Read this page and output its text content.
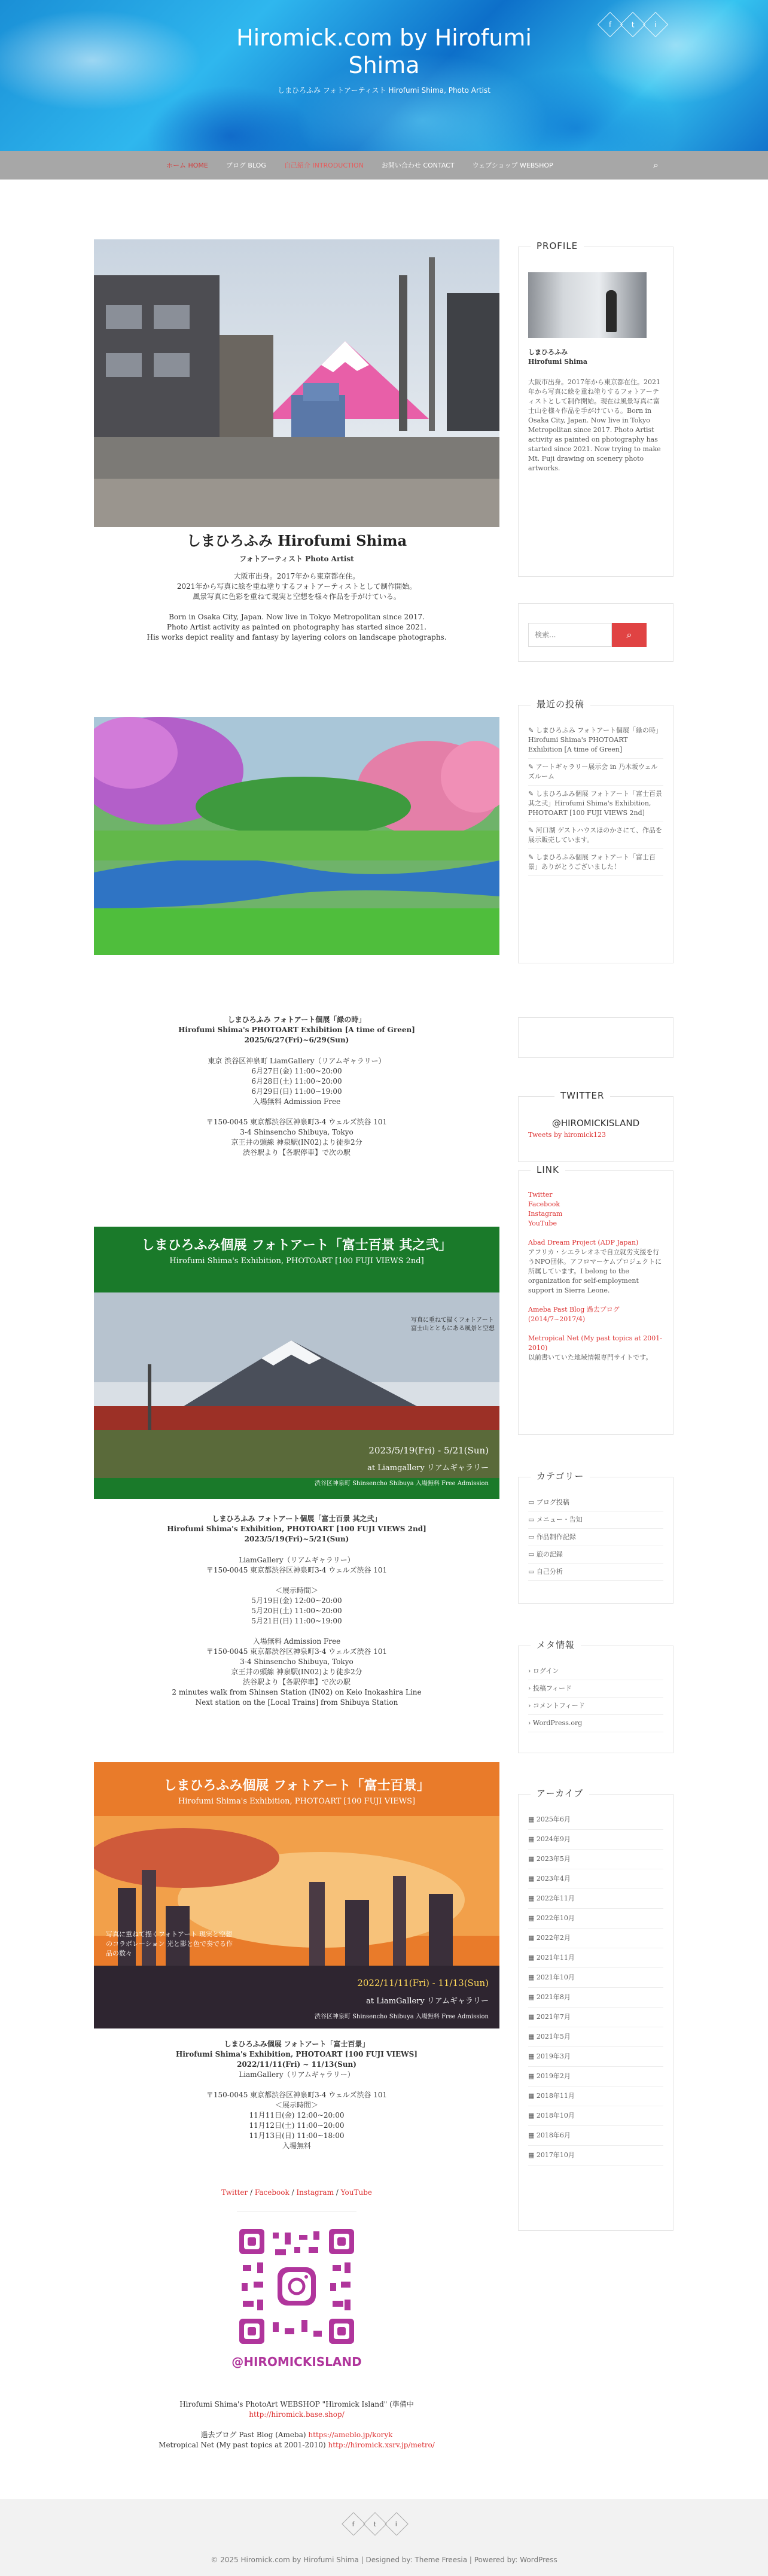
Hiromick.com by Hirofumi Shima
しまひろふみ フォトアーティスト Hirofumi Shima, Photo Artist
f	t	i
ホーム HOME	ブログ BLOG	自己紹介 INTRODUCTION	お問い合わせ CONTACT	ウェブショップ WEBSHOP	⌕
しまひろふみ Hirofumi Shima
フォトアーティスト Photo Artist
大阪市出身。2017年から東京都在住。
2021年から写真に絵を重ね塗りするフォトアーティストとして制作開始。
風景写真に色彩を重ねて現実と空想を様々作品を手がけている。
Born in Osaka City, Japan. Now live in Tokyo Metropolitan since 2017.
Photo Artist activity as painted on photography has started since 2021.
His works depict reality and fantasy by layering colors on landscape photographs.
しまひろふみ フォトアート個展「緑の時」
Hirofumi Shima's PHOTOART Exhibition [A time of Green]
2025/6/27(Fri)~6/29(Sun)
東京 渋谷区神泉町 LiamGallery（リアムギャラリー）
6月27日(金) 11:00~20:00
6月28日(土) 11:00~20:00
6月29日(日) 11:00~19:00
入場無料 Admission Free
〒150-0045 東京都渋谷区神泉町3-4 ウェルズ渋谷 101
3-4 Shinsencho Shibuya, Tokyo
京王井の頭線 神泉駅(IN02)より徒歩2分
渋谷駅より【各駅停車】で次の駅
しまひろふみ個展 フォトアート「富士百景 其之弐」
Hirofumi Shima's Exhibition, PHOTOART [100 FUJI VIEWS 2nd]
写真に重ねて描くフォトアート 富士山とともにある風景と空想
2023/5/19(Fri) - 5/21(Sun)
at Liamgallery リアムギャラリー
渋谷区神泉町 Shinsencho Shibuya 入場無料 Free Admission
しまひろふみ フォトアート個展「富士百景 其之弐」
Hirofumi Shima's Exhibition, PHOTOART [100 FUJI VIEWS 2nd]
2023/5/19(Fri)~5/21(Sun)
LiamGallery（リアムギャラリー）
〒150-0045 東京都渋谷区神泉町3-4 ウェルズ渋谷 101
＜展示時間＞
5月19日(金) 12:00~20:00
5月20日(土) 11:00~20:00
5月21日(日) 11:00~19:00
入場無料 Admission Free
〒150-0045 東京都渋谷区神泉町3-4 ウェルズ渋谷 101
3-4 Shinsencho Shibuya, Tokyo
京王井の頭線 神泉駅(IN02)より徒歩2分
渋谷駅より【各駅停車】で次の駅
2 minutes walk from Shinsen Station (IN02) on Keio Inokashira Line
Next station on the [Local Trains] from Shibuya Station
しまひろふみ個展 フォトアート「富士百景」
Hirofumi Shima's Exhibition, PHOTOART [100 FUJI VIEWS]
写真に重ねて描くフォトアート 現実と空想のコラボレーション 光と影と色で奏でる作品の数々
2022/11/11(Fri) - 11/13(Sun)
at LiamGallery リアムギャラリー
渋谷区神泉町 Shinsencho Shibuya 入場無料 Free Admission
しまひろふみ個展 フォトアート「富士百景」
Hirofumi Shima's Exhibition, PHOTOART [100 FUJI VIEWS]
2022/11/11(Fri) ~ 11/13(Sun)
LiamGallery（リアムギャラリー）
〒150-0045 東京都渋谷区神泉町3-4 ウェルズ渋谷 101
＜展示時間＞
11月11日(金) 12:00~20:00
11月12日(土) 11:00~20:00
11月13日(日) 11:00~18:00
入場無料
Twitter / Facebook / Instagram / YouTube
@HIROMICKISLAND
Hirofumi Shima's PhotoArt WEBSHOP "Hiromick Island" (準備中
http://hiromick.base.shop/
過去ブログ Past Blog (Ameba) https://ameblo.jp/koryk
Metropical Net (My past topics at 2001-2010) http://hiromick.xsrv.jp/metro/
PROFILE
しまひろふみ
Hirofumi Shima
大阪市出身。2017年から東京都在住。2021年から写真に絵を重ね塗りするフォトアーティストとして制作開始。現在は風景写真に富士山を様々作品を手がけている。Born in Osaka City, Japan. Now live in Tokyo Metropolitan since 2017. Photo Artist activity as painted on photography has started since 2021. Now trying to make Mt. Fuji drawing on scenery photo artworks.
検索...
⌕
最近の投稿
✎ しまひろふみ フォトアート個展「緑の時」Hirofumi Shima's PHOTOART Exhibition [A time of Green]
✎ アートギャラリー展示会 in 乃木坂ウェルズルーム
✎ しまひろふみ個展 フォトアート「富士百景 其之弐」Hirofumi Shima's Exhibition, PHOTOART [100 FUJI VIEWS 2nd]
✎ 河口湖 ゲストハウスほのかさにて、作品を展示販売しています。
✎ しまひろふみ個展 フォトアート「富士百景」ありがとうございました！
TWITTER
@HIROMICKISLAND
Tweets by hiromick123
LINK
Twitter
Facebook
Instagram
YouTube
Abad Dream Project (ADP Japan)
アフリカ・シエラレオネで自立就労支援を行うNPO団体。アフロマーケムプロジェクトに所属しています。I belong to the organization for self-employment support in Sierra Leone.
Ameba Past Blog 過去ブログ (2014/7~2017/4)
Metropical Net (My past topics at 2001-2010)
以前書いていた地域情報専門サイトです。
カテゴリー
▭ ブログ投稿
▭ メニュー・告知
▭ 作品制作記録
▭ 旅の記録
▭ 自己分析
メタ情報
› ログイン
› 投稿フィード
› コメントフィード
› WordPress.org
アーカイブ
▦ 2025年6月
▦ 2024年9月
▦ 2023年5月
▦ 2023年4月
▦ 2022年11月
▦ 2022年10月
▦ 2022年2月
▦ 2021年11月
▦ 2021年10月
▦ 2021年8月
▦ 2021年7月
▦ 2021年5月
▦ 2019年3月
▦ 2019年2月
▦ 2018年11月
▦ 2018年10月
▦ 2018年6月
▦ 2017年10月
f	t	i
© 2025 Hiromick.com by Hirofumi Shima | Designed by: Theme Freesia | Powered by: WordPress
